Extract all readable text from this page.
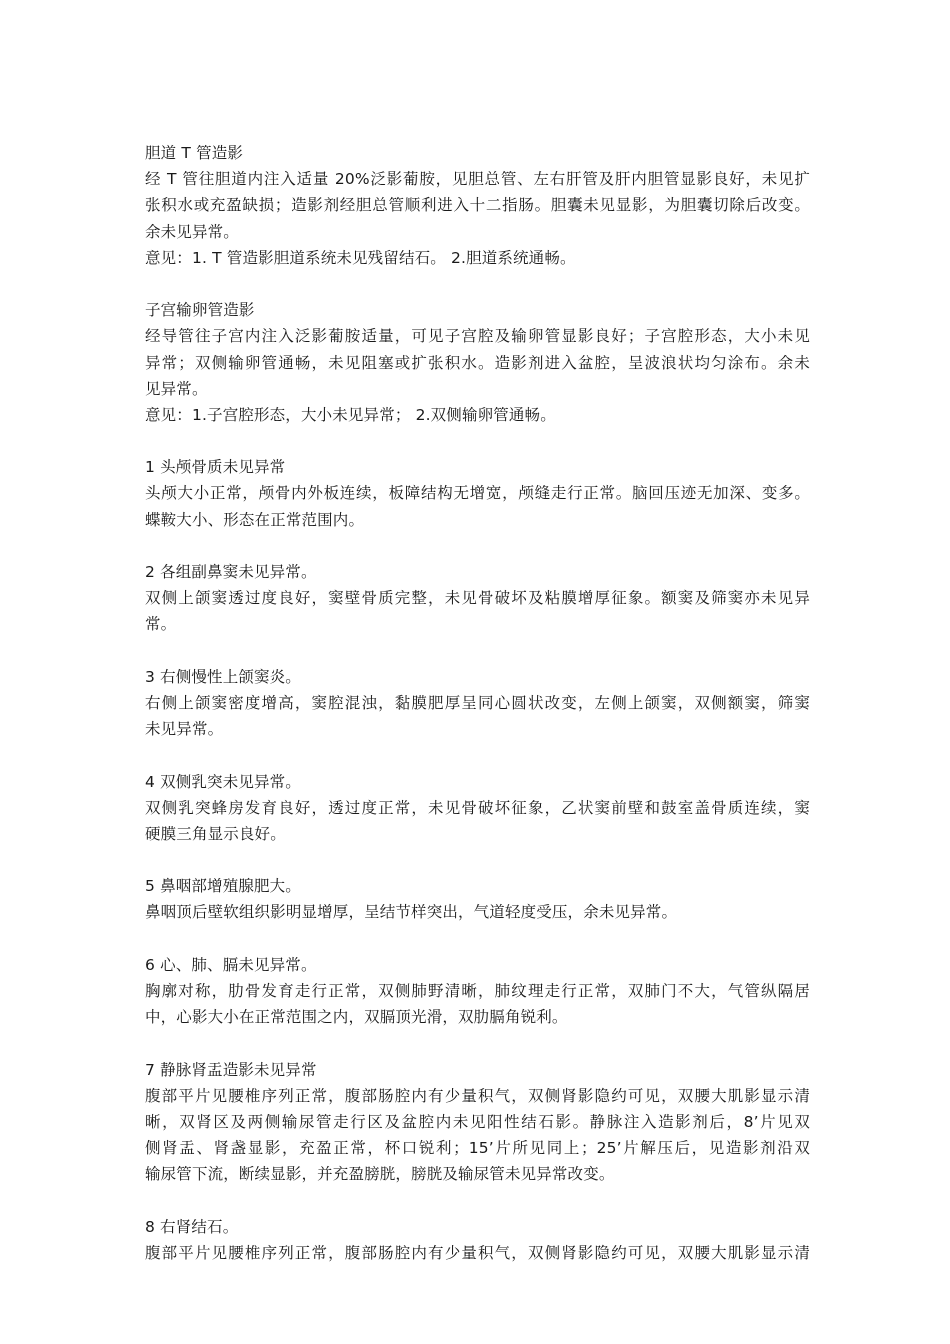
胆道 T 管造影
经 T 管往胆道内注入适量 20%泛影葡胺，见胆总管、左右肝管及肝内胆管显影良好，未见扩
张积水或充盈缺损；造影剂经胆总管顺利进入十二指肠。胆囊未见显影，为胆囊切除后改变。
余未见异常。
意见：1. T 管造影胆道系统未见残留结石。 2.胆道系统通畅。
子宫输卵管造影
经导管往子宫内注入泛影葡胺适量，可见子宫腔及输卵管显影良好；子宫腔形态，大小未见
异常；双侧输卵管通畅，未见阻塞或扩张积水。造影剂进入盆腔，呈波浪状均匀涂布。余未
见异常。
意见：1.子宫腔形态，大小未见异常； 2.双侧输卵管通畅。
1 头颅骨质未见异常
头颅大小正常，颅骨内外板连续，板障结构无增宽，颅缝走行正常。脑回压迹无加深、变多。
蝶鞍大小、形态在正常范围内。
2 各组副鼻窦未见异常。
双侧上颌窦透过度良好，窦壁骨质完整，未见骨破坏及粘膜增厚征象。额窦及筛窦亦未见异
常。
3 右侧慢性上颌窦炎。
右侧上颌窦密度增高，窦腔混浊，黏膜肥厚呈同心圆状改变，左侧上颌窦，双侧额窦，筛窦
未见异常。
4 双侧乳突未见异常。
双侧乳突蜂房发育良好，透过度正常，未见骨破坏征象，乙状窦前壁和鼓室盖骨质连续，窦
硬膜三角显示良好。
5 鼻咽部增殖腺肥大。
鼻咽顶后壁软组织影明显增厚，呈结节样突出，气道轻度受压，余未见异常。
6 心、肺、膈未见异常。
胸廓对称，肋骨发育走行正常，双侧肺野清晰，肺纹理走行正常，双肺门不大，气管纵隔居
中，心影大小在正常范围之内，双膈顶光滑，双肋膈角锐利。
7 静脉肾盂造影未见异常
腹部平片见腰椎序列正常，腹部肠腔内有少量积气，双侧肾影隐约可见，双腰大肌影显示清
晰，双肾区及两侧输尿管走行区及盆腔内未见阳性结石影。静脉注入造影剂后，8’片见双
侧肾盂、肾盏显影，充盈正常，杯口锐利；15’片所见同上；25’片解压后，见造影剂沿双
输尿管下流，断续显影，并充盈膀胱，膀胱及输尿管未见异常改变。
8 右肾结石。
腹部平片见腰椎序列正常，腹部肠腔内有少量积气，双侧肾影隐约可见，双腰大肌影显示清
